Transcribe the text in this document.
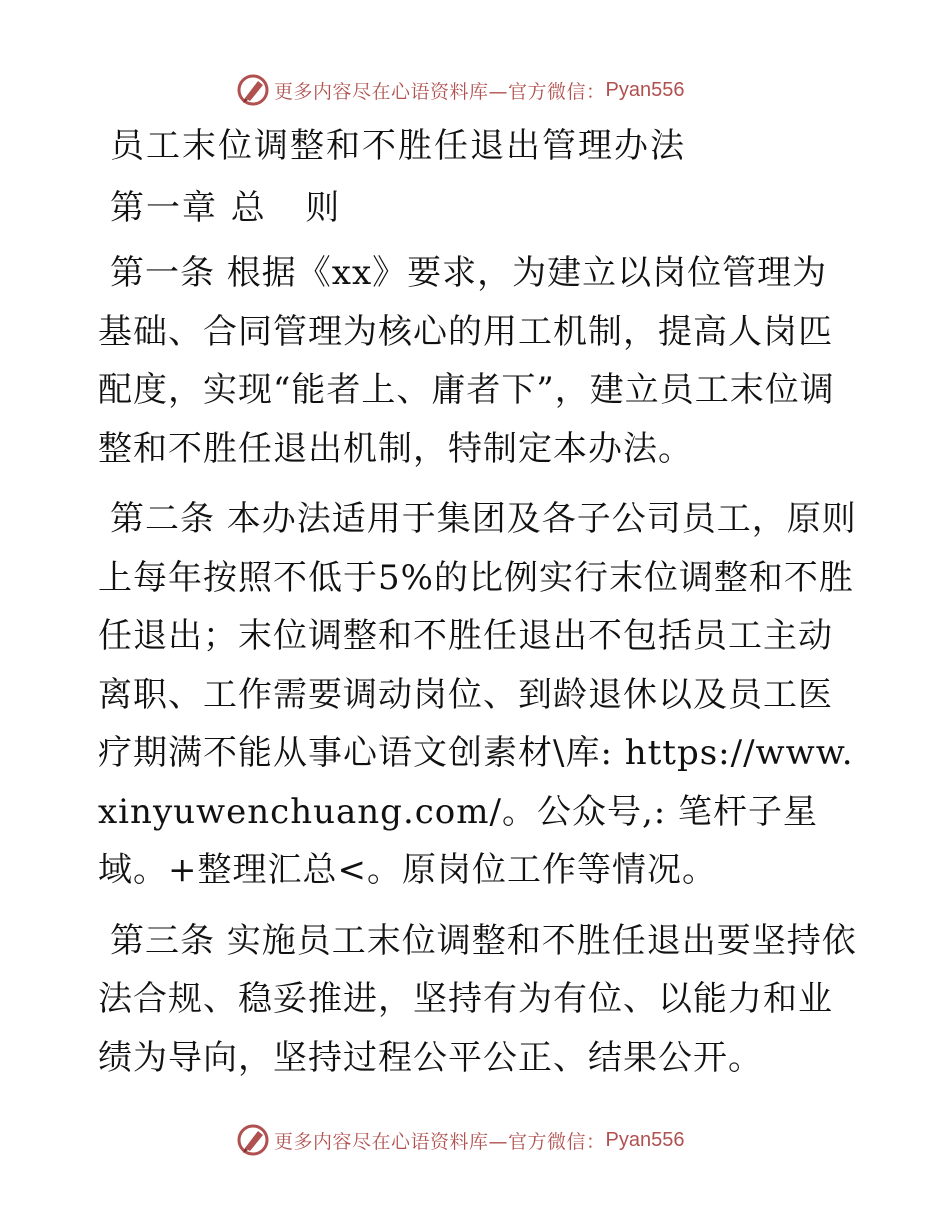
更多内容尽在心语资料库—官方微信： Pyan556
员工末位调整和不胜任退出管理办法

第一章 总   则

第一条 根据《xx》要求，为建立以岗位管理为基础、合同管理为核心的用工机制，提高人岗匹配度，实现“能者上、庸者下”，建立员工末位调整和不胜任退出机制，特制定本办法。

第二条 本办法适用于集团及各子公司员工，原则上每年按照不低于5%的比例实行末位调整和不胜任退出；末位调整和不胜任退出不包括员工主动离职、工作需要调动岗位、到龄退休以及员工医疗期满不能从事心语文创素材\库: https://www.xinyuwenchuang.com/。公众号,: 笔杆子星域。+整理汇总<。原岗位工作等情况。

第三条 实施员工末位调整和不胜任退出要坚持依法合规、稳妥推进，坚持有为有位、以能力和业绩为导向，坚持过程公平公正、结果公开。

更多内容尽在心语资料库—官方微信： Pyan556
